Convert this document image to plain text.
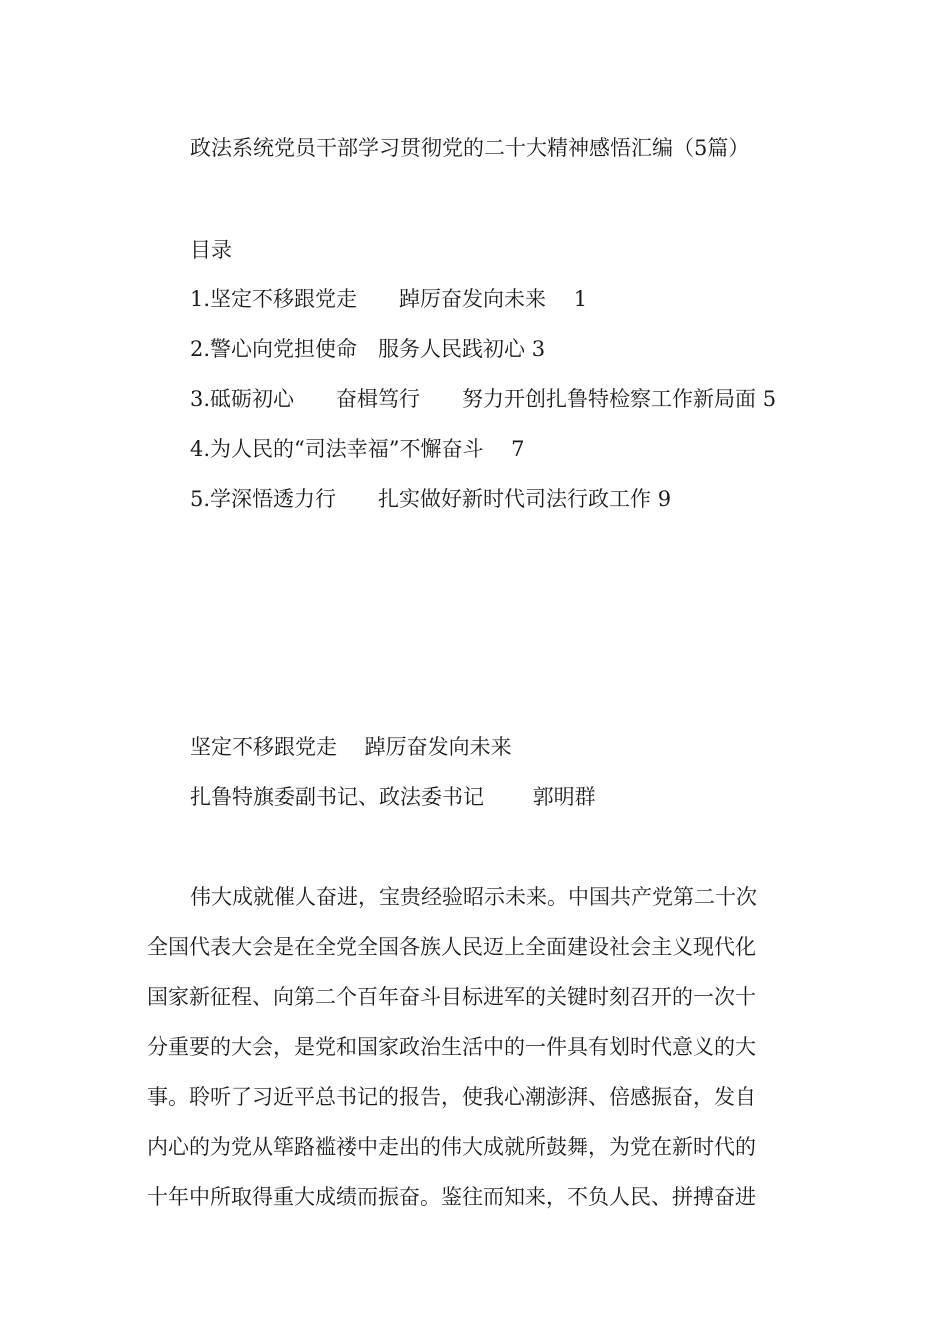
政法系统党员干部学习贯彻党的二十大精神感悟汇编（5篇）
目录
1.坚定不移跟党走　　踔厉奋发向未来　 1
2.警心向党担使命　服务人民践初心 3
3.砥砺初心　　奋楫笃行　　努力开创扎鲁特检察工作新局面 5
4.为人民的“司法幸福”不懈奋斗　 7
5.学深悟透力行　　扎实做好新时代司法行政工作 9
坚定不移跟党走　 踔厉奋发向未来
扎鲁特旗委副书记、政法委书记　　 郭明群
伟大成就催人奋进，宝贵经验昭示未来。中国共产党第二十次
全国代表大会是在全党全国各族人民迈上全面建设社会主义现代化
国家新征程、向第二个百年奋斗目标进军的关键时刻召开的一次十
分重要的大会，是党和国家政治生活中的一件具有划时代意义的大
事。聆听了习近平总书记的报告，使我心潮澎湃、倍感振奋，发自
内心的为党从筚路褴褛中走出的伟大成就所鼓舞，为党在新时代的
十年中所取得重大成绩而振奋。鉴往而知来，不负人民、拼搏奋进
